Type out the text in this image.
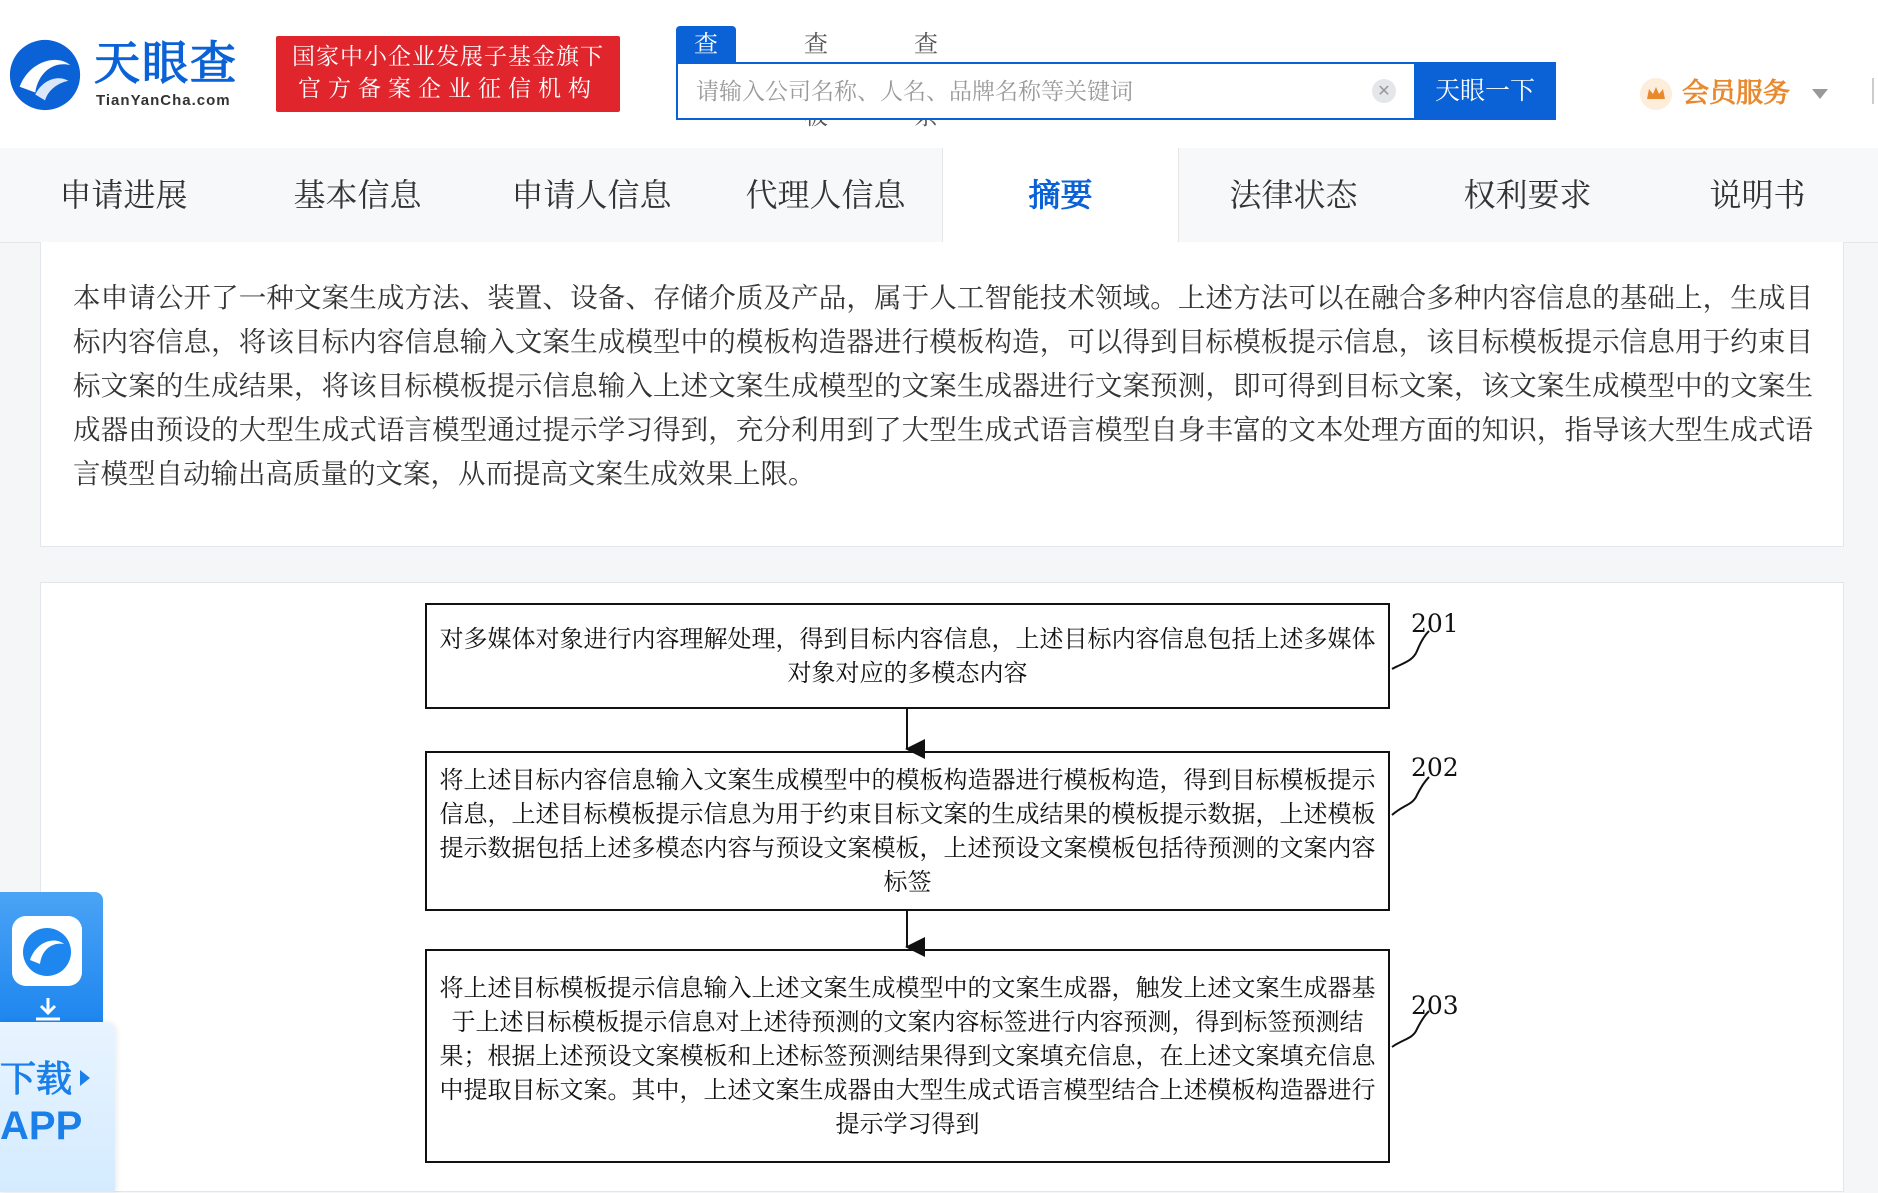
天眼查
TianYanCha.com
国家中小企业发展子基金旗下
官方备案企业征信机构
查	查	查
请输入公司名称、人名、品牌名称等关键词
✕	天眼一下	会员服务
申请进展	基本信息	申请人信息	代理人信息	摘要	法律状态	权利要求	说明书
本申请公开了一种文案生成方法、装置、设备、存储介质及产品，属于人工智能技术领域。上述方法可以在融合多种内容信息的基础上，生成目标内容信息，将该目标内容信息输入文案生成模型中的模板构造器进行模板构造，可以得到目标模板提示信息，该目标模板提示信息用于约束目标文案的生成结果，将该目标模板提示信息输入上述文案生成模型的文案生成器进行文案预测，即可得到目标文案，该文案生成模型中的文案生成器由预设的大型生成式语言模型通过提示学习得到，充分利用到了大型生成式语言模型自身丰富的文本处理方面的知识，指导该大型生成式语言模型自动输出高质量的文案，从而提高文案生成效果上限。
对多媒体对象进行内容理解处理，得到目标内容信息，上述目标内容信息包括上述多媒体对象对应的多模态内容
201
将上述目标内容信息输入文案生成模型中的模板构造器进行模板构造，得到目标模板提示信息，上述目标模板提示信息为用于约束目标文案的生成结果的模板提示数据，上述模板提示数据包括上述多模态内容与预设文案模板，上述预设文案模板包括待预测的文案内容标签
202
将上述目标模板提示信息输入上述文案生成模型中的文案生成器，触发上述文案生成器基于上述目标模板提示信息对上述待预测的文案内容标签进行内容预测，得到标签预测结果；根据上述预设文案模板和上述标签预测结果得到文案填充信息，在上述文案填充信息中提取目标文案。其中，上述文案生成器由大型生成式语言模型结合上述模板构造器进行提示学习得到
203
下载
APP
